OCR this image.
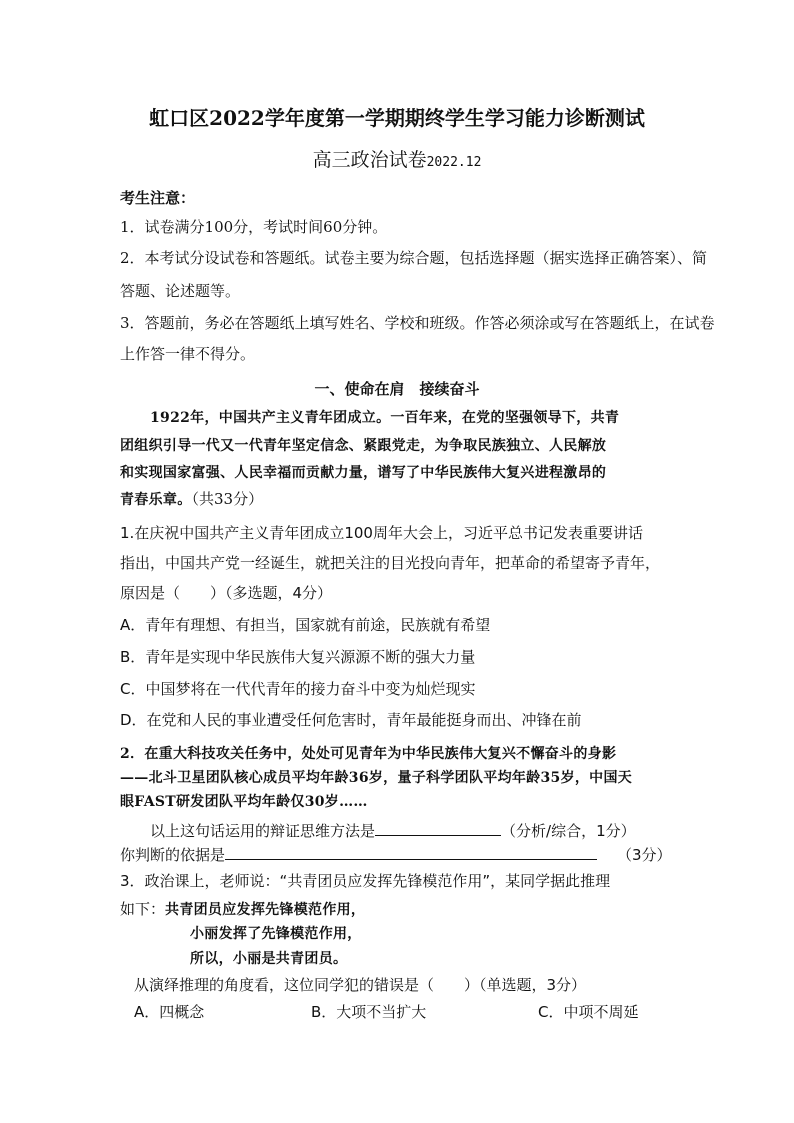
虹口区2022学年度第一学期期终学生学习能力诊断测试
高三政治试卷2022.12
考生注意：
1．试卷满分100分，考试时间60分钟。
2．本考试分设试卷和答题纸。试卷主要为综合题，包括选择题（据实选择正确答案）、简
答题、论述题等。
3．答题前，务必在答题纸上填写姓名、学校和班级。作答必须涂或写在答题纸上，在试卷
上作答一律不得分。
一、使命在肩　接续奋斗
1922年，中国共产主义青年团成立。一百年来，在党的坚强领导下，共青
团组织引导一代又一代青年坚定信念、紧跟党走，为争取民族独立、人民解放
和实现国家富强、人民幸福而贡献力量，谱写了中华民族伟大复兴进程激昂的
青春乐章。（共33分）
1.在庆祝中国共产主义青年团成立100周年大会上，习近平总书记发表重要讲话
指出，中国共产党一经诞生，就把关注的目光投向青年，把革命的希望寄予青年，
原因是（　　）（多选题，4分）
A．青年有理想、有担当，国家就有前途，民族就有希望
B．青年是实现中华民族伟大复兴源源不断的强大力量
C．中国梦将在一代代青年的接力奋斗中变为灿烂现实
D．在党和人民的事业遭受任何危害时，青年最能挺身而出、冲锋在前
2．在重大科技攻关任务中，处处可见青年为中华民族伟大复兴不懈奋斗的身影
——北斗卫星团队核心成员平均年龄36岁，量子科学团队平均年龄35岁，中国天
眼FAST研发团队平均年龄仅30岁……
以上这句话运用的辩证思维方法是	（分析/综合，1分）
你判断的依据是	（3分）
3．政治课上，老师说：“共青团员应发挥先锋模范作用”，某同学据此推理
如下：共青团员应发挥先锋模范作用，
小丽发挥了先锋模范作用，
所以，小丽是共青团员。
从演绎推理的角度看，这位同学犯的错误是（　　）（单选题，3分）
A．四概念	B．大项不当扩大	C．中项不周延
